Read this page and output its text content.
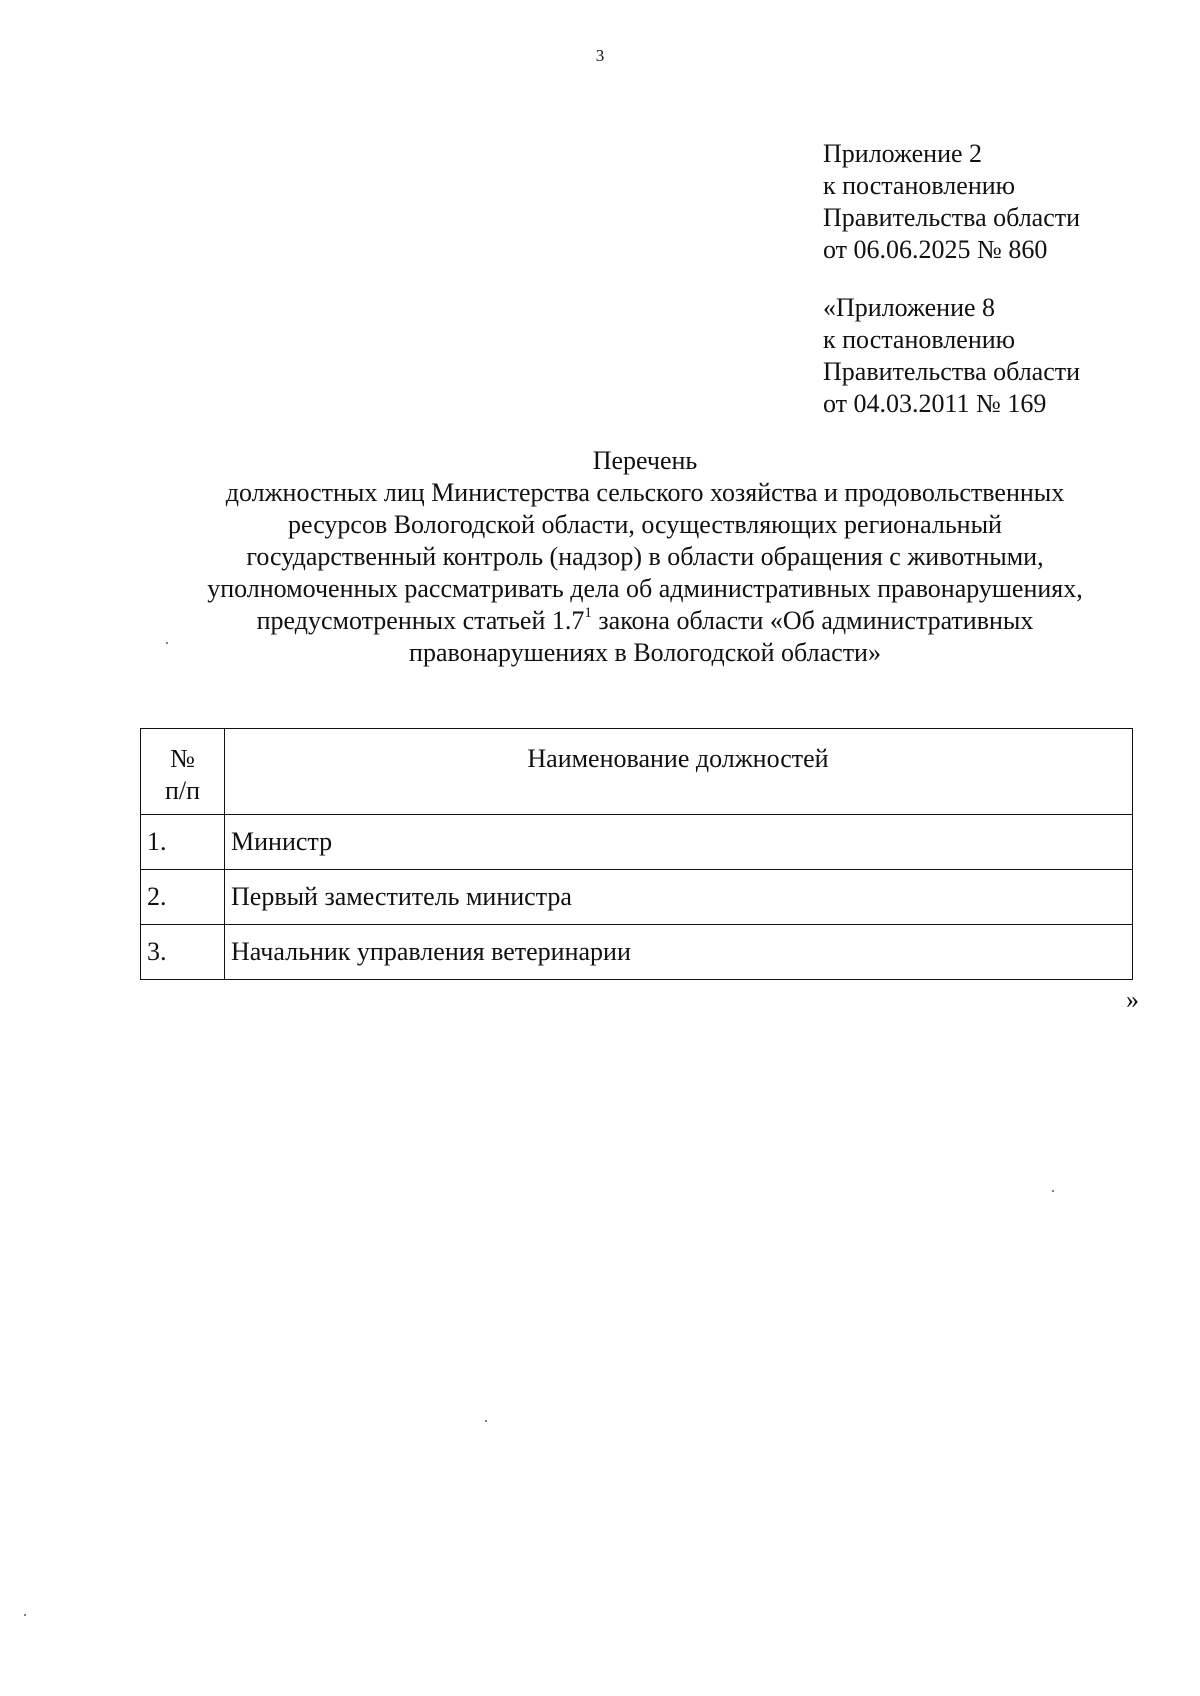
3
Приложение 2
к постановлению
Правительства области
от 06.06.2025 № 860
«Приложение 8
к постановлению
Правительства области
от 04.03.2011 № 169
Перечень
должностных лиц Министерства сельского хозяйства и продовольственных
ресурсов Вологодской области, осуществляющих региональный
государственный контроль (надзор) в области обращения с животными,
уполномоченных рассматривать дела об административных правонарушениях,
предусмотренных статьей $1.7^1$ закона области «Об административных
правонарушениях в Вологодской области»
№
п/п	Наименование должностей
1.	Министр
2.	Первый заместитель министра
3.	Начальник управления ветеринарии
»
